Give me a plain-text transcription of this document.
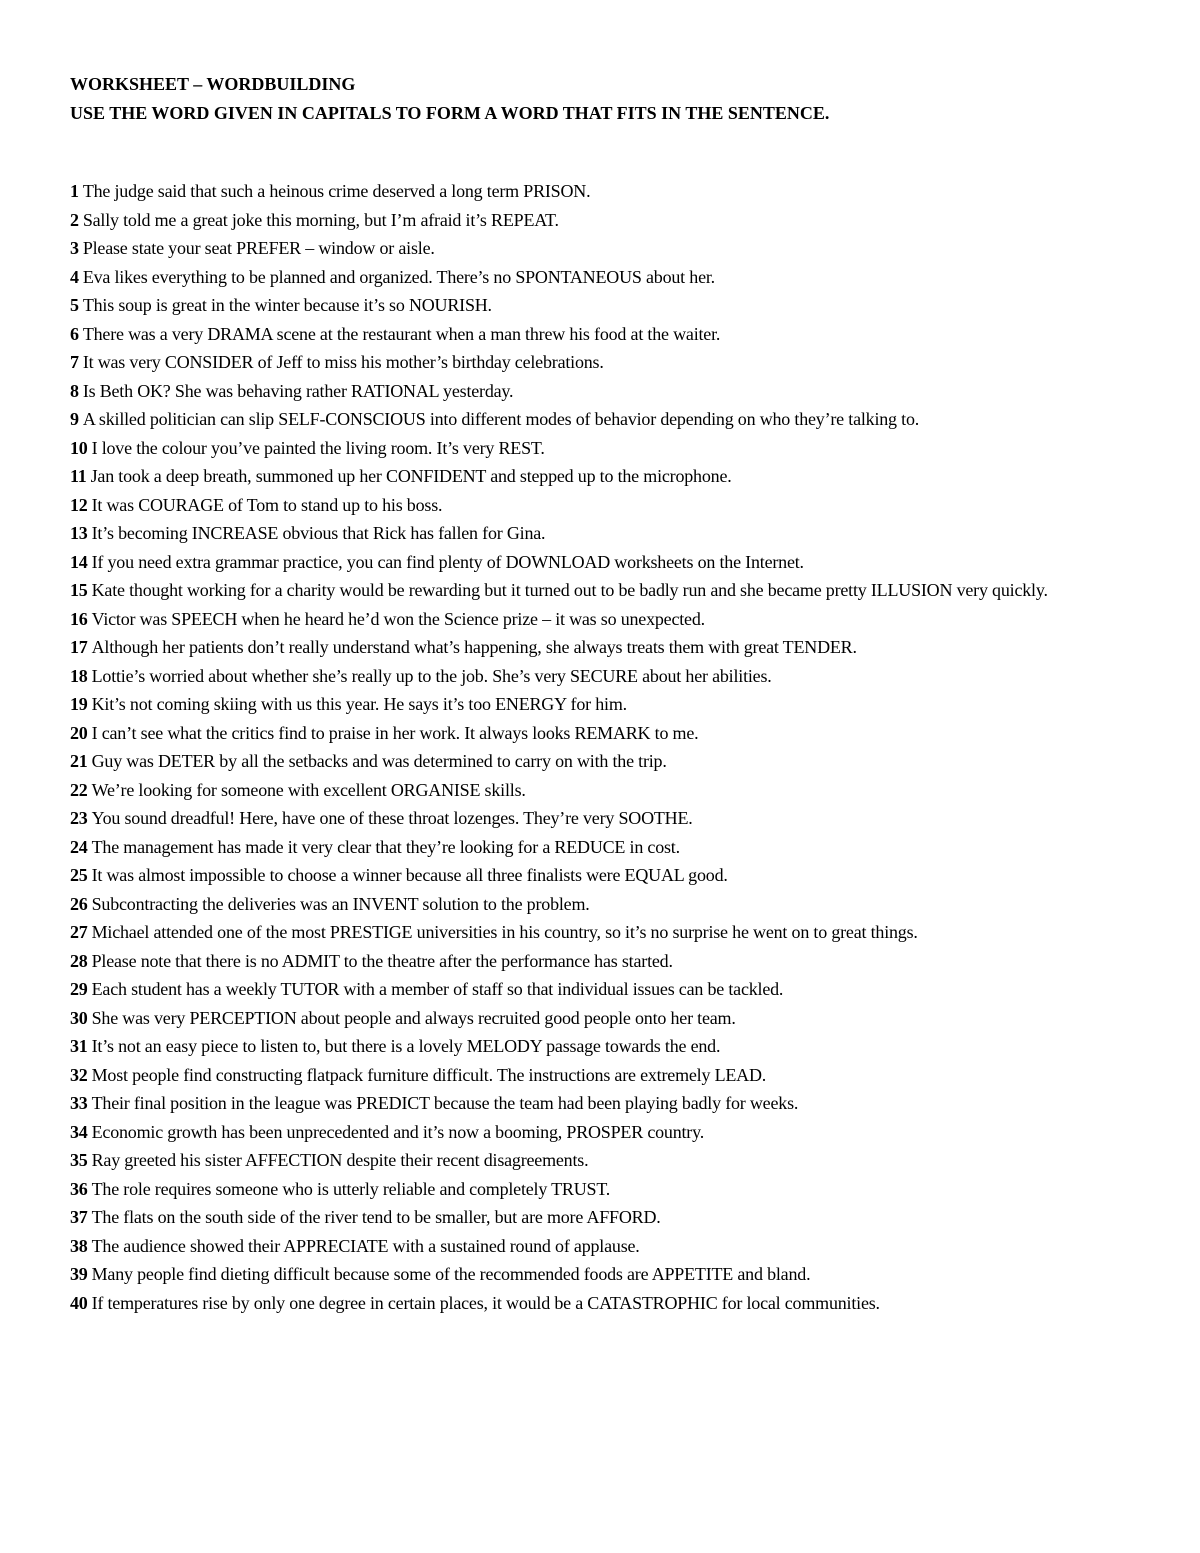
WORKSHEET – WORDBUILDING
USE THE WORD GIVEN IN CAPITALS TO FORM A WORD THAT FITS IN THE SENTENCE.
1 The judge said that such a heinous crime deserved a long term PRISON.
2 Sally told me a great joke this morning, but I’m afraid it’s REPEAT.
3 Please state your seat PREFER – window or aisle.
4 Eva likes everything to be planned and organized. There’s no SPONTANEOUS about her.
5 This soup is great in the winter because it’s so NOURISH.
6 There was a very DRAMA scene at the restaurant when a man threw his food at the waiter.
7 It was very CONSIDER of Jeff to miss his mother’s birthday celebrations.
8 Is Beth OK? She was behaving rather RATIONAL yesterday.
9 A skilled politician can slip SELF-CONSCIOUS into different modes of behavior depending on who they’re talking to.
10 I love the colour you’ve painted the living room. It’s very REST.
11 Jan took a deep breath, summoned up her CONFIDENT and stepped up to the microphone.
12 It was COURAGE of Tom to stand up to his boss.
13 It’s becoming INCREASE obvious that Rick has fallen for Gina.
14 If you need extra grammar practice, you can find plenty of DOWNLOAD worksheets on the Internet.
15 Kate thought working for a charity would be rewarding but it turned out to be badly run and she became pretty ILLUSION very quickly.
16 Victor was SPEECH when he heard he’d won the Science prize – it was so unexpected.
17 Although her patients don’t really understand what’s happening, she always treats them with great TENDER.
18 Lottie’s worried about whether she’s really up to the job. She’s very SECURE about her abilities.
19 Kit’s not coming skiing with us this year. He says it’s too ENERGY for him.
20 I can’t see what the critics find to praise in her work. It always looks REMARK to me.
21 Guy was DETER by all the setbacks and was determined to carry on with the trip.
22 We’re looking for someone with excellent ORGANISE skills.
23 You sound dreadful! Here, have one of these throat lozenges. They’re very SOOTHE.
24 The management has made it very clear that they’re looking for a REDUCE in cost.
25 It was almost impossible to choose a winner because all three finalists were EQUAL good.
26 Subcontracting the deliveries was an INVENT solution to the problem.
27 Michael attended one of the most PRESTIGE universities in his country, so it’s no surprise he went on to great things.
28 Please note that there is no ADMIT to the theatre after the performance has started.
29 Each student has a weekly TUTOR with a member of staff so that individual issues can be tackled.
30 She was very PERCEPTION about people and always recruited good people onto her team.
31 It’s not an easy piece to listen to, but there is a lovely MELODY passage towards the end.
32 Most people find constructing flatpack furniture difficult. The instructions are extremely LEAD.
33 Their final position in the league was PREDICT because the team had been playing badly for weeks.
34 Economic growth has been unprecedented and it’s now a booming, PROSPER country.
35 Ray greeted his sister AFFECTION despite their recent disagreements.
36 The role requires someone who is utterly reliable and completely TRUST.
37 The flats on the south side of the river tend to be smaller, but are more AFFORD.
38 The audience showed their APPRECIATE with a sustained round of applause.
39 Many people find dieting difficult because some of the recommended foods are APPETITE and bland.
40 If temperatures rise by only one degree in certain places, it would be a CATASTROPHIC for local communities.
